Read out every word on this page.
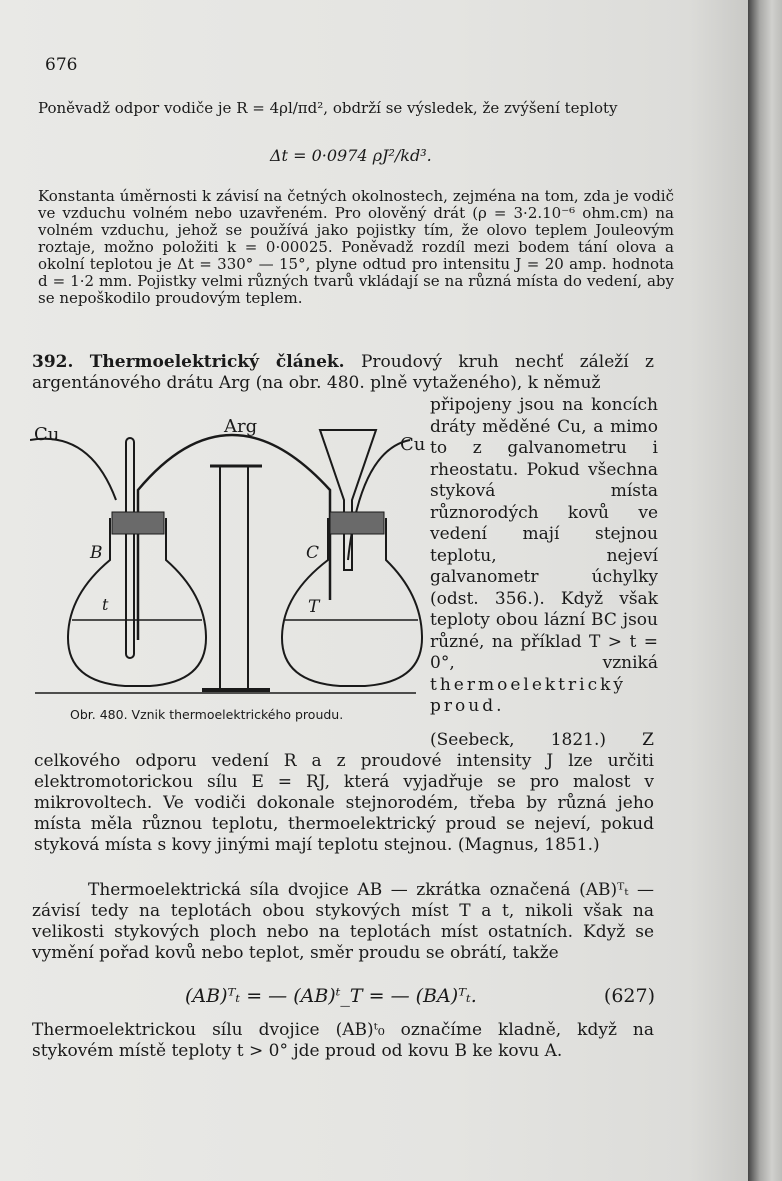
676
Poněvadž odpor vodiče je R = 4ρl/πd², obdrží se výsledek, že zvýšení teploty
Δt = 0·0974 ρJ²/kd³.
Konstanta úměrnosti k závisí na četných okolnostech, zejména na tom, zda je vodič ve vzduchu volném nebo uzavřeném. Pro olověný drát (ρ = 3·2.10⁻⁶ ohm.cm) na volném vzduchu, jehož se používá jako pojistky tím, že olovo teplem Jouleovým roztaje, možno položiti k = 0·00025. Poněvadž rozdíl mezi bodem tání olova a okolní teplotou je Δt = 330° — 15°, plyne odtud pro intensitu J = 20 amp. hodnota d = 1·2 mm. Pojistky velmi různých tvarů vkládají se na různá místa do vedení, aby se nepoškodilo proudovým teplem.
392. Thermoelektrický článek. Proudový kruh nechť záleží z argentánového drátu Arg (na obr. 480. plně vytaženého), k němuž
připojeny jsou na koncích dráty měděné Cu, a mimo to z galvanometru i rheostatu. Pokud všechna styková místa různorodých kovů ve vedení mají stejnou teplotu, nejeví galvanometr úchylky (odst. 356.). Když však teploty obou lázní BC jsou různé, na příklad T > t = 0°, vzniká thermoelektrický proud.
Cu	Cu
Arg
B	C
t	T
Obr. 480. Vznik thermoelektrického proudu.
(Seebeck, 1821.) Z celkového odporu vedení R a z proudové intensity J lze určiti elektromotorickou sílu E = RJ, která vyjadřuje se pro malost v mikrovoltech. Ve vodiči dokonale stejnorodém, třeba by různá jeho místa měla různou teplotu, thermoelektrický proud se nejeví, pokud styková místa s kovy jinými mají teplotu stejnou. (Magnus, 1851.)
Thermoelektrická síla dvojice AB — zkrátka označená (AB)ᵀₜ — závisí tedy na teplotách obou stykových míst T a t, nikoli však na velikosti stykových ploch nebo na teplotách míst ostatních. Když se vymění pořad kovů nebo teplot, směr proudu se obrátí, takže
(AB)ᵀₜ = — (AB)ᵗ_T = — (BA)ᵀₜ.	(627)
Thermoelektrickou sílu dvojice (AB)ᵗ₀ označíme kladně, když na stykovém místě teploty t > 0° jde proud od kovu B ke kovu A.
